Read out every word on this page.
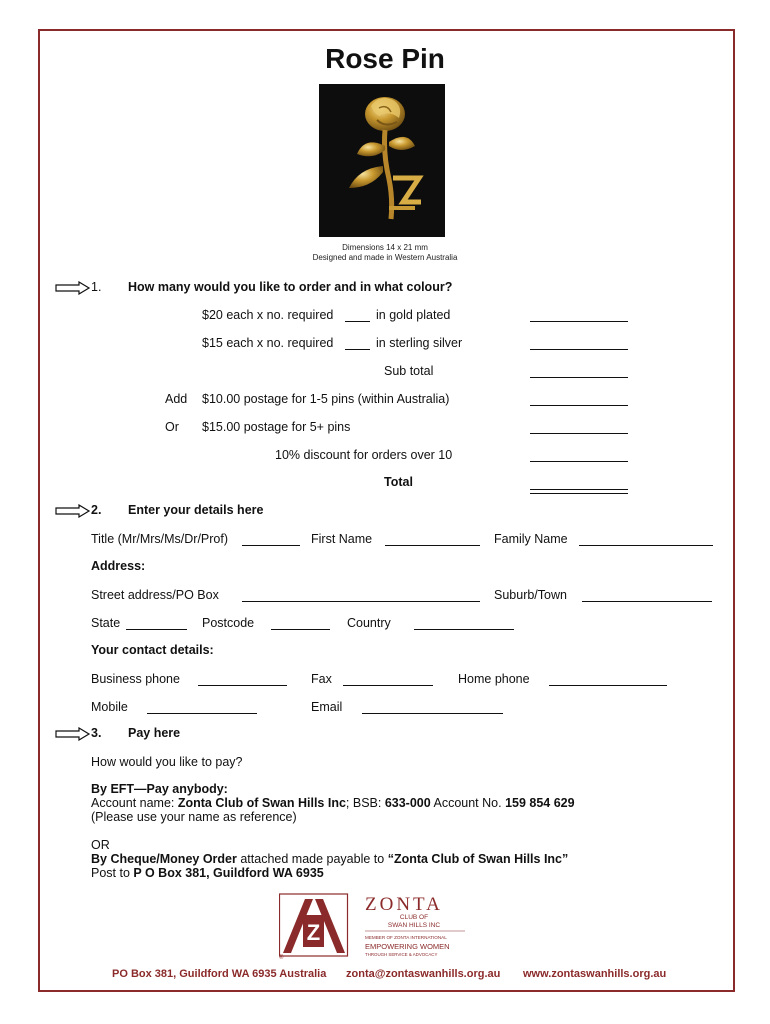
Rose Pin
Dimensions 14 x 21 mm
Designed and made in Western Australia
1. How many would you like to order and in what colour?
$20 each x no. required	in gold plated
$15 each x no. required	in sterling silver
Sub total
Add $10.00 postage for 1-5 pins (within Australia)
Or $15.00 postage for 5+ pins
10% discount for orders over 10
Total
2. Enter your details here
Title (Mr/Mrs/Ms/Dr/Prof)	First Name	Family Name
Address:
Street address/PO Box	Suburb/Town
State	Postcode	Country
Your contact details:
Business phone	Fax	Home phone
Mobile	Email
3. Pay here
How would you like to pay?
By EFT—Pay anybody:
Account name: Zonta Club of Swan Hills Inc; BSB: 633-000 Account No. 159 854 629
(Please use your name as reference)
OR
By Cheque/Money Order attached made payable to “Zonta Club of Swan Hills Inc”
Post to P O Box 381, Guildford WA 6935
Z
®
ZONTA
CLUB OF
SWAN HILLS INC
MEMBER OF ZONTA INTERNATIONAL
EMPOWERING WOMEN
THROUGH SERVICE & ADVOCACY
PO Box 381, Guildford WA 6935 Australia zonta@zontaswanhills.org.au www.zontaswanhills.org.au
